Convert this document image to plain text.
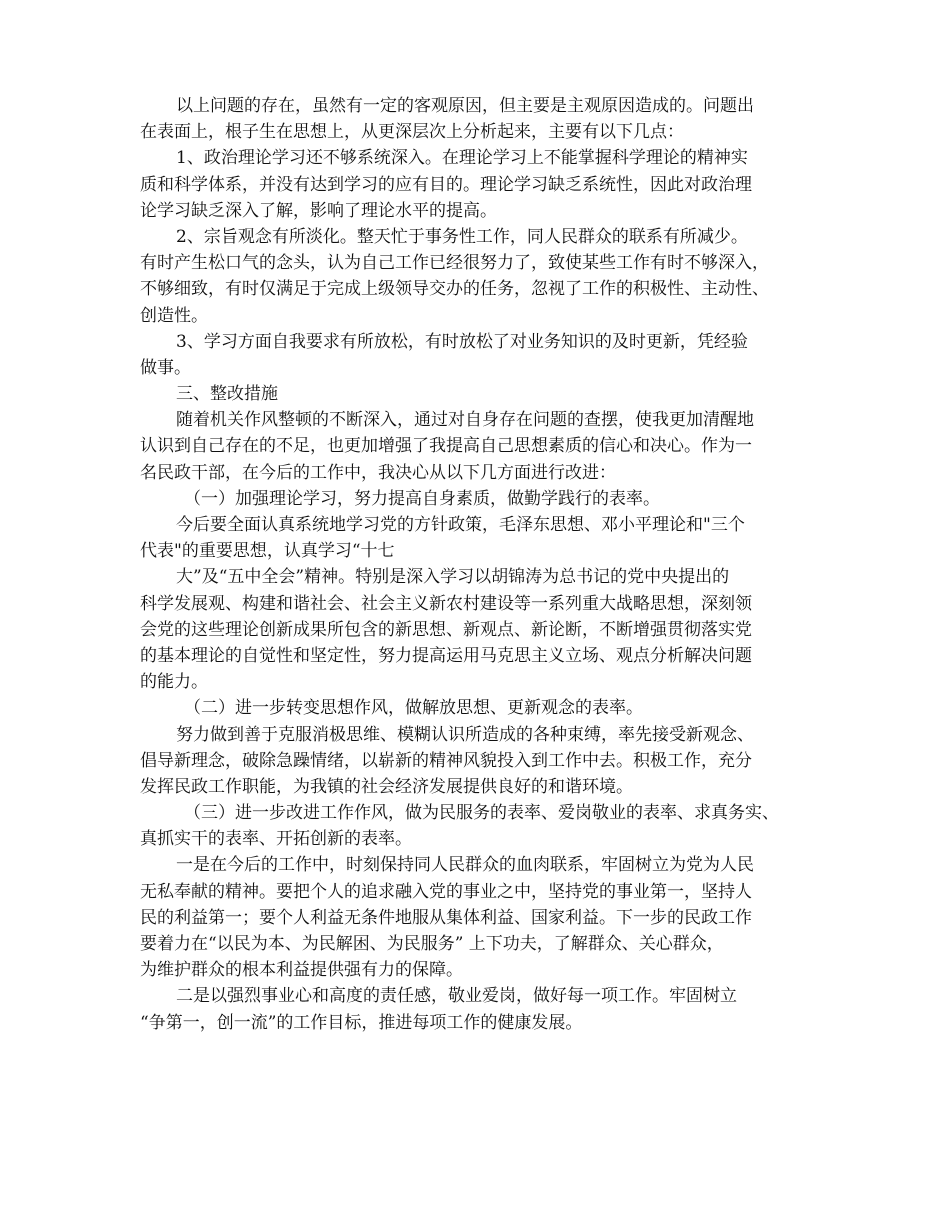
以上问题的存在，虽然有一定的客观原因，但主要是主观原因造成的。问题出
在表面上，根子生在思想上，从更深层次上分析起来，主要有以下几点：
1、政治理论学习还不够系统深入。在理论学习上不能掌握科学理论的精神实
质和科学体系，并没有达到学习的应有目的。理论学习缺乏系统性，因此对政治理
论学习缺乏深入了解，影响了理论水平的提高。
2、宗旨观念有所淡化。整天忙于事务性工作，同人民群众的联系有所减少。
有时产生松口气的念头，认为自己工作已经很努力了，致使某些工作有时不够深入，
不够细致，有时仅满足于完成上级领导交办的任务，忽视了工作的积极性、主动性、
创造性。
3、学习方面自我要求有所放松，有时放松了对业务知识的及时更新，凭经验
做事。
三、整改措施
随着机关作风整顿的不断深入，通过对自身存在问题的查摆，使我更加清醒地
认识到自己存在的不足，也更加增强了我提高自己思想素质的信心和决心。作为一
名民政干部，在今后的工作中，我决心从以下几方面进行改进：
（一）加强理论学习，努力提高自身素质，做勤学践行的表率。
今后要全面认真系统地学习党的方针政策，毛泽东思想、邓小平理论和"三个
代表"的重要思想，认真学习“十七
大”及“五中全会”精神。特别是深入学习以胡锦涛为总书记的党中央提出的
科学发展观、构建和谐社会、社会主义新农村建设等一系列重大战略思想，深刻领
会党的这些理论创新成果所包含的新思想、新观点、新论断，不断增强贯彻落实党
的基本理论的自觉性和坚定性，努力提高运用马克思主义立场、观点分析解决问题
的能力。
（二）进一步转变思想作风，做解放思想、更新观念的表率。
努力做到善于克服消极思维、模糊认识所造成的各种束缚，率先接受新观念、
倡导新理念，破除急躁情绪，以崭新的精神风貌投入到工作中去。积极工作，充分
发挥民政工作职能，为我镇的社会经济发展提供良好的和谐环境。
（三）进一步改进工作作风，做为民服务的表率、爱岗敬业的表率、求真务实、
真抓实干的表率、开拓创新的表率。
一是在今后的工作中，时刻保持同人民群众的血肉联系，牢固树立为党为人民
无私奉献的精神。要把个人的追求融入党的事业之中，坚持党的事业第一，坚持人
民的利益第一；要个人利益无条件地服从集体利益、国家利益。下一步的民政工作
要着力在“以民为本、为民解困、为民服务” 上下功夫，了解群众、关心群众，
为维护群众的根本利益提供强有力的保障。
二是以强烈事业心和高度的责任感，敬业爱岗，做好每一项工作。牢固树立
“争第一，创一流”的工作目标，推进每项工作的健康发展。
